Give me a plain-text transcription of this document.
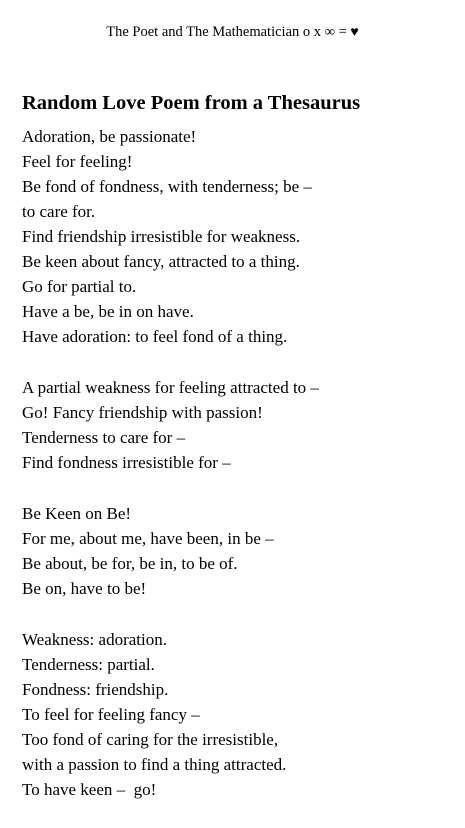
The Poet and The Mathematician o x ∞ = ♥
Random Love Poem from a Thesaurus
Adoration, be passionate!
Feel for feeling!
Be fond of fondness, with tenderness; be –
to care for.
Find friendship irresistible for weakness.
Be keen about fancy, attracted to a thing.
Go for partial to.
Have a be, be in on have.
Have adoration: to feel fond of a thing.
A partial weakness for feeling attracted to –
Go! Fancy friendship with passion!
Tenderness to care for –
Find fondness irresistible for –
Be Keen on Be!
For me, about me, have been, in be –
Be about, be for, be in, to be of.
Be on, have to be!
Weakness: adoration.
Tenderness: partial.
Fondness: friendship.
To feel for feeling fancy –
Too fond of caring for the irresistible,
with a passion to find a thing attracted.
To have keen –  go!
